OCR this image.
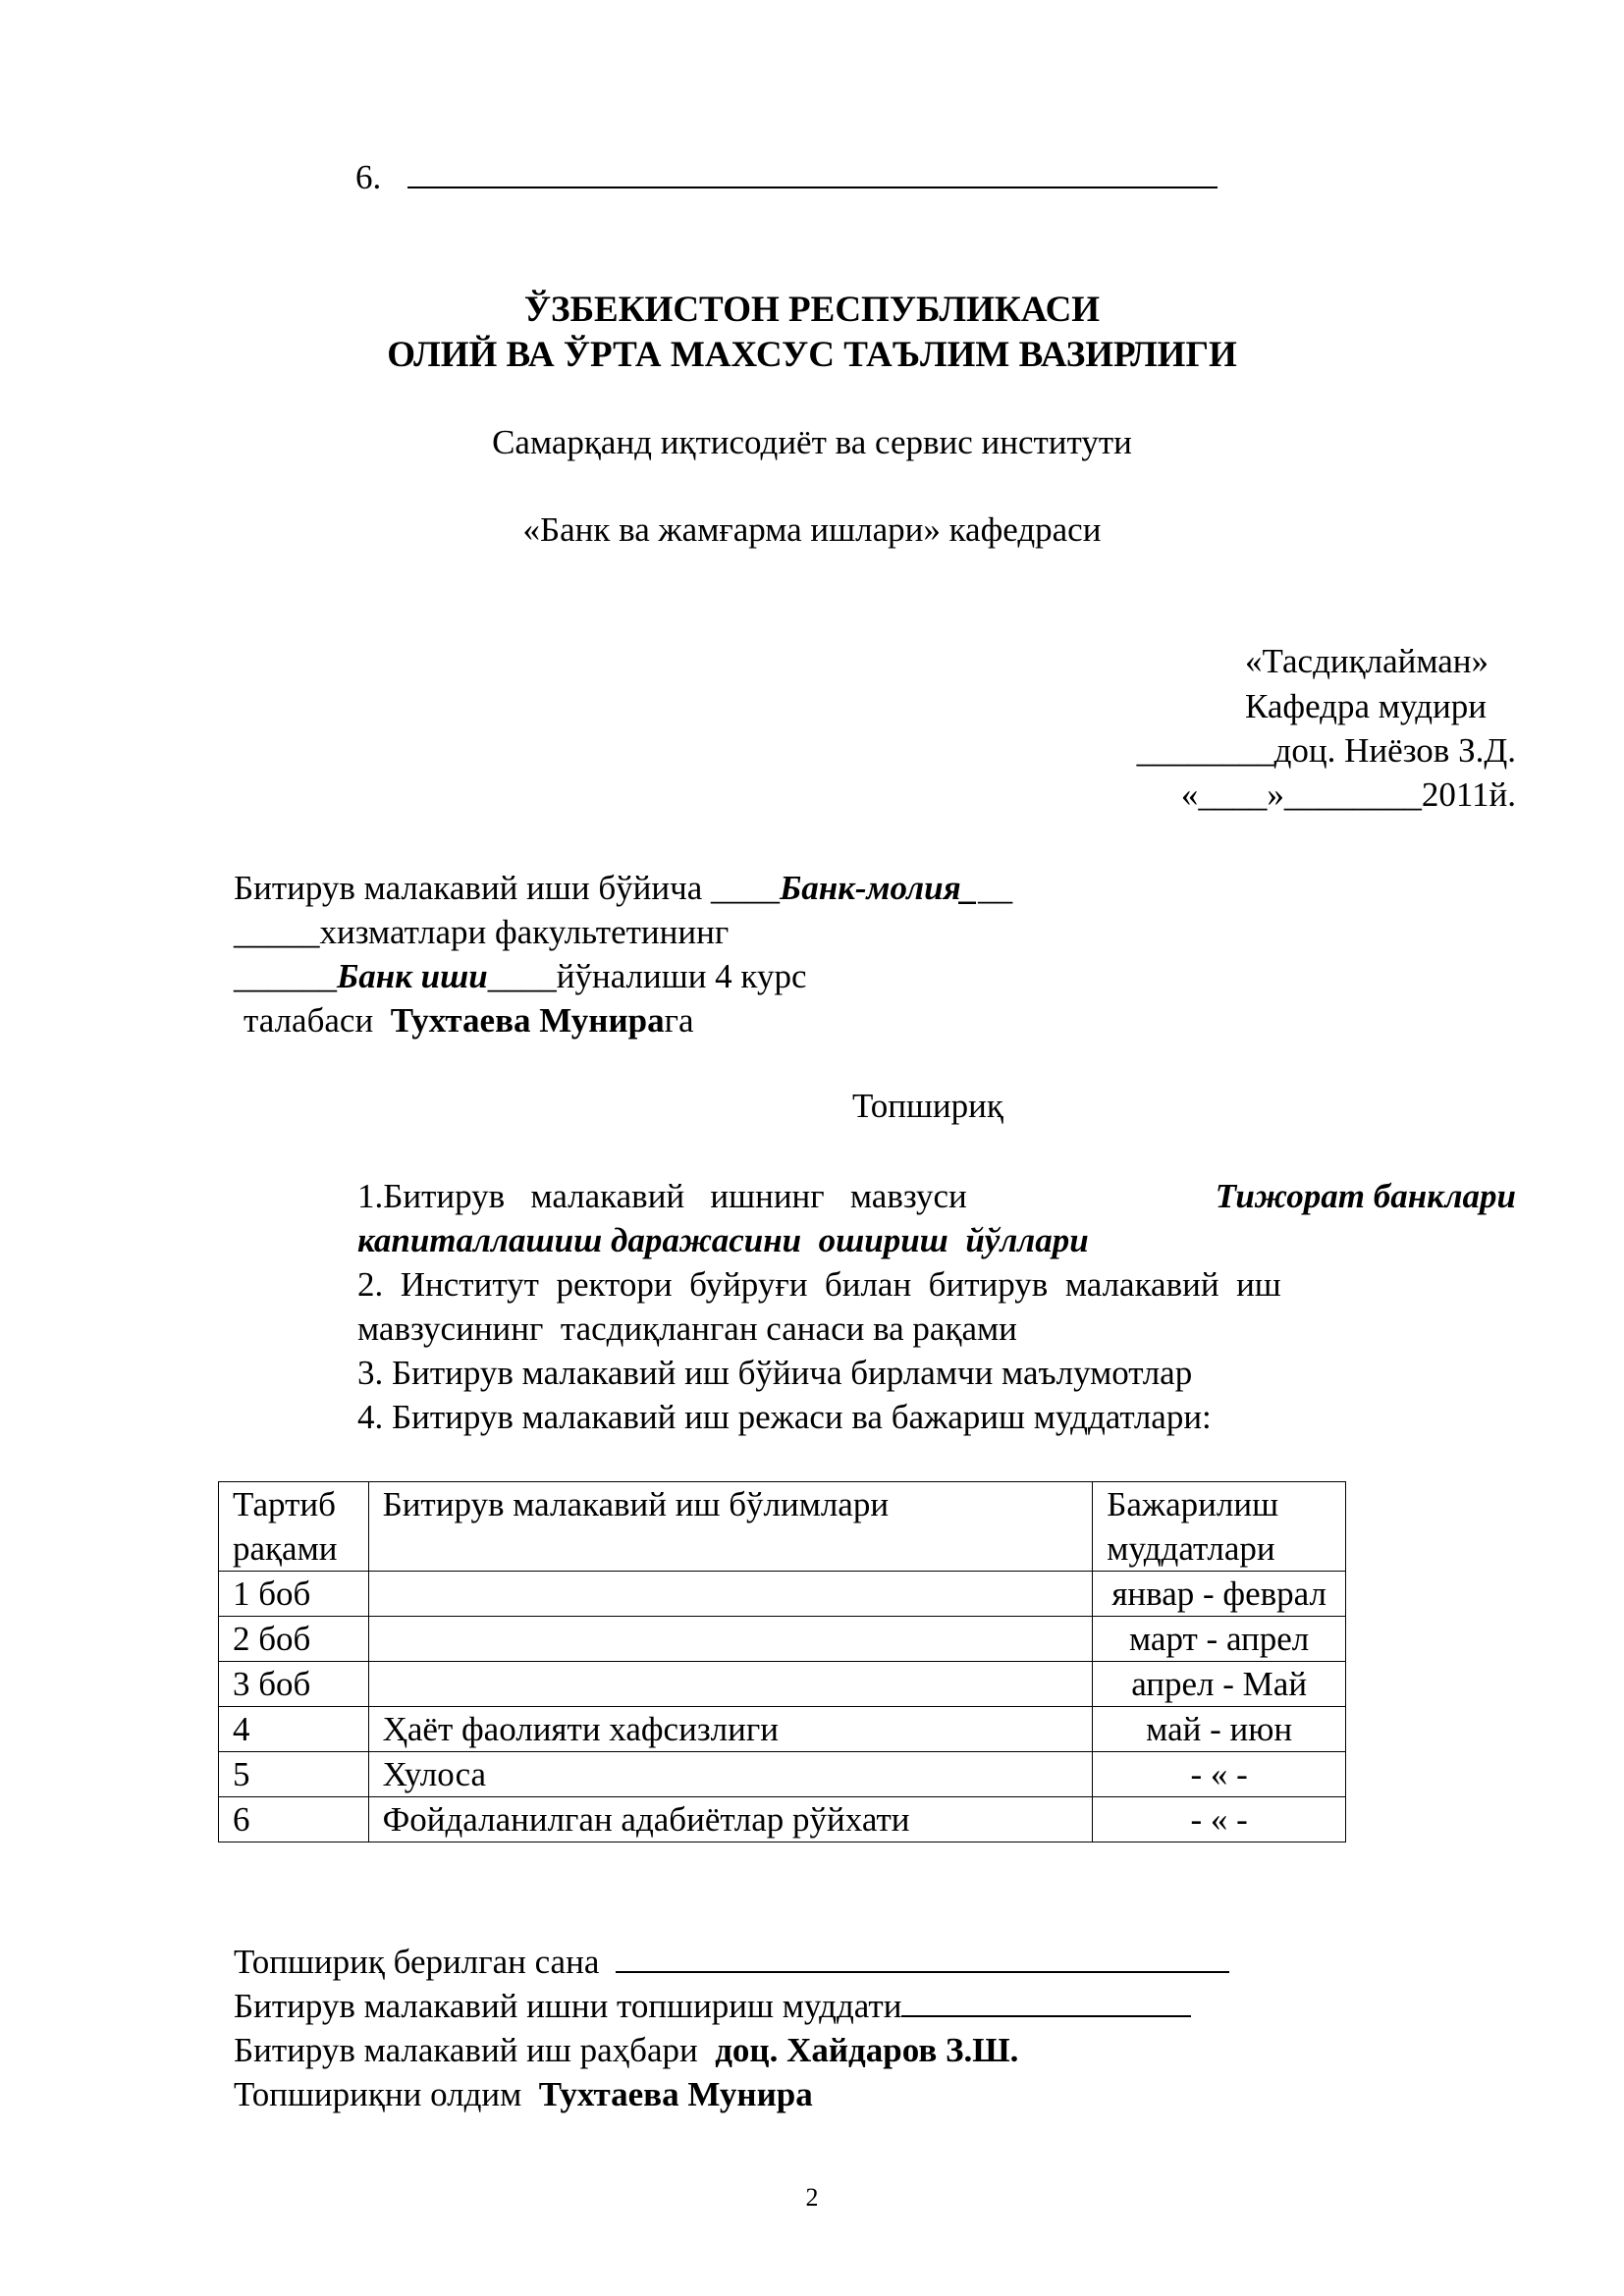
6.
ЎЗБЕКИСТОН РЕСПУБЛИКАСИ
ОЛИЙ ВА ЎРТА МАХСУС ТАЪЛИМ ВАЗИРЛИГИ
Самарқанд иқтисодиёт ва сервис институти
«Банк ва жамғарма ишлари» кафедраси
«Тасдиқлайман»
Кафедра мудири
________доц. Ниёзов З.Д.
«____»________2011й.
Битирув малакавий иши бўйича ____Банк-молия___
_____хизматлари факультетининг
______Банк иши____йўналиши 4 курс
талабаси  Тухтаева Мунирага
Топшириқ
1.Битирув   малакавий   ишнинг   мавзуси	Тижорат банклари
капиталлашиш даражасини  ошириш  йўллари
2.  Институт  ректори  буйруғи  билан  битирув  малакавий  иш
мавзусининг  тасдиқланган санаси ва рақами
3. Битирув малакавий иш бўйича бирламчи маълумотлар
4. Битирув малакавий иш режаси ва бажариш муддатлари:
Тартиб рақами	Битирув малакавий иш бўлимлари	Бажарилиш муддатлари
1 боб		январ - феврал
2 боб		март - апрел
3 боб		апрел - Май
4	Ҳаёт фаолияти хафсизлиги	май - июн
5	Хулоса	- « -
6	Фойдаланилган адабиётлар рўйхати	- « -
Топшириқ берилган сана
Битирув малакавий ишни топшириш муддати
Битирув малакавий иш раҳбари  доц. Хайдаров З.Ш.
Топшириқни олдим  Тухтаева Мунира
2
